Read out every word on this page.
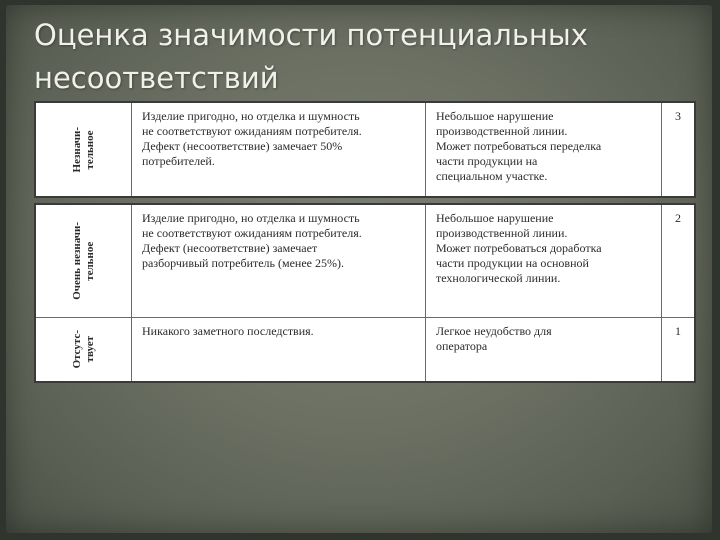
Оценка значимости потенциальных несоответствий
Незначи-
тельное
Изделие пригодно, но отделка и шумность
не соответствуют ожиданиям потребителя.
Дефект (несоответствие) замечает 50%
потребителей.
Небольшое нарушение
производственной линии.
Может потребоваться переделка
части продукции на
специальном участке.
3
Очень незначи-
тельное
Изделие пригодно, но отделка и шумность
не соответствуют ожиданиям потребителя.
Дефект (несоответствие) замечает
разборчивый потребитель (менее 25%).
Небольшое нарушение
производственной линии.
Может потребоваться доработка
части продукции на основной
технологической линии.
2
Отсутс-
твует
Никакого заметного последствия.	Легкое неудобство для
оператора
1
